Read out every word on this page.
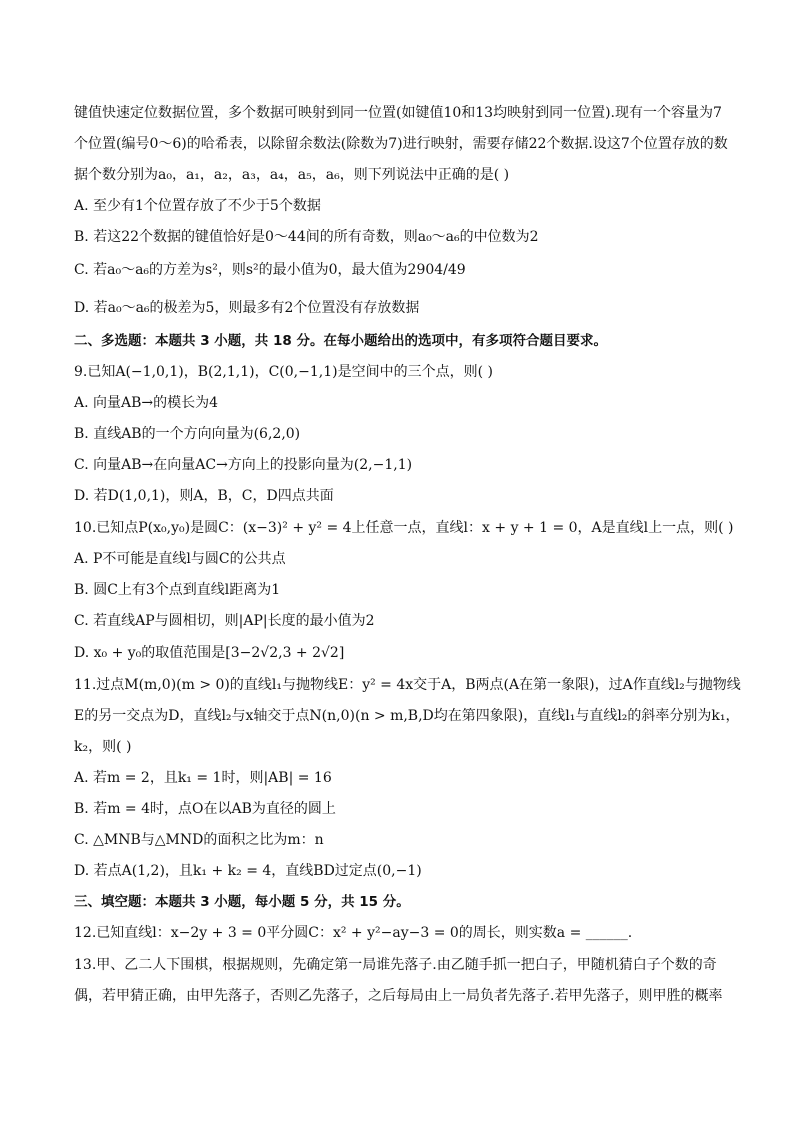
键值快速定位数据位置，多个数据可映射到同一位置(如键值10和13均映射到同一位置).现有一个容量为7
个位置(编号0～6)的哈希表，以除留余数法(除数为7)进行映射，需要存储22个数据.设这7个位置存放的数
据个数分别为a₀，a₁，a₂，a₃，a₄，a₅，a₆，则下列说法中正确的是( )
A. 至少有1个位置存放了不少于5个数据
B. 若这22个数据的键值恰好是0～44间的所有奇数，则a₀～a₆的中位数为2
C. 若a₀～a₆的方差为s²，则s²的最小值为0，最大值为2904/49
D. 若a₀～a₆的极差为5，则最多有2个位置没有存放数据
二、多选题：本题共 3 小题，共 18 分。在每小题给出的选项中，有多项符合题目要求。
9.已知A(−1,0,1)，B(2,1,1)，C(0,−1,1)是空间中的三个点，则( )
A. 向量AB→的模长为4
B. 直线AB的一个方向向量为(6,2,0)
C. 向量AB→在向量AC→方向上的投影向量为(2,−1,1)
D. 若D(1,0,1)，则A，B，C，D四点共面
10.已知点P(x₀,y₀)是圆C：(x−3)² + y² = 4上任意一点，直线l：x + y + 1 = 0，A是直线l上一点，则( )
A. P不可能是直线l与圆C的公共点
B. 圆C上有3个点到直线l距离为1
C. 若直线AP与圆相切，则|AP|长度的最小值为2
D. x₀ + y₀的取值范围是[3−2√2,3 + 2√2]
11.过点M(m,0)(m > 0)的直线l₁与抛物线E：y² = 4x交于A，B两点(A在第一象限)，过A作直线l₂与抛物线
E的另一交点为D，直线l₂与x轴交于点N(n,0)(n > m,B,D均在第四象限)，直线l₁与直线l₂的斜率分别为k₁，
k₂，则( )
A. 若m = 2，且k₁ = 1时，则|AB| = 16
B. 若m = 4时，点O在以AB为直径的圆上
C. △MNB与△MND的面积之比为m：n
D. 若点A(1,2)，且k₁ + k₂ = 4，直线BD过定点(0,−1)
三、填空题：本题共 3 小题，每小题 5 分，共 15 分。
12.已知直线l：x−2y + 3 = 0平分圆C：x² + y²−ay−3 = 0的周长，则实数a = ______.
13.甲、乙二人下围棋，根据规则，先确定第一局谁先落子.由乙随手抓一把白子，甲随机猜白子个数的奇
偶，若甲猜正确，由甲先落子，否则乙先落子，之后每局由上一局负者先落子.若甲先落子，则甲胜的概率
